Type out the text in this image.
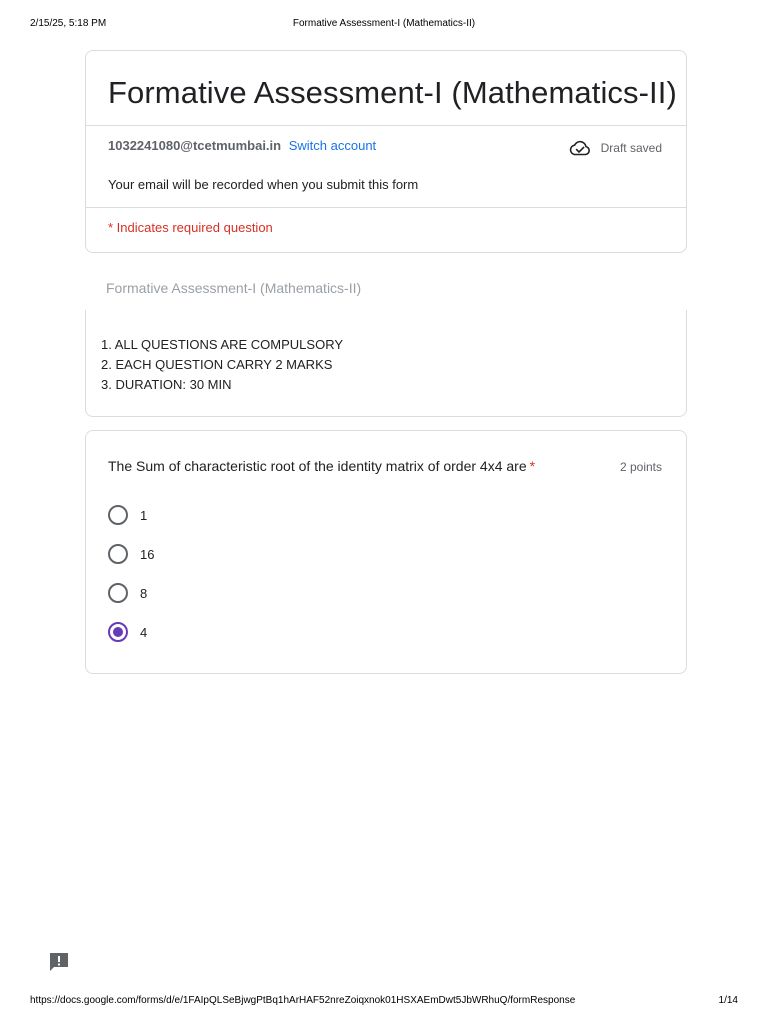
2/15/25, 5:18 PM	Formative Assessment-I (Mathematics-II)
Formative Assessment-I (Mathematics-II)
1032241080@tcetmumbai.in Switch account	Draft saved
Your email will be recorded when you submit this form
* Indicates required question
Formative Assessment-I (Mathematics-II)
1. ALL QUESTIONS ARE COMPULSORY
2. EACH QUESTION CARRY 2 MARKS
3. DURATION: 30 MIN
The Sum of characteristic root of the identity matrix of order 4x4 are *	2 points
1
16
8
4
https://docs.google.com/forms/d/e/1FAIpQLSeBjwgPtBq1hArHAF52nreZoiqxnok01HSXAEmDwt5JbWRhuQ/formResponse	1/14
